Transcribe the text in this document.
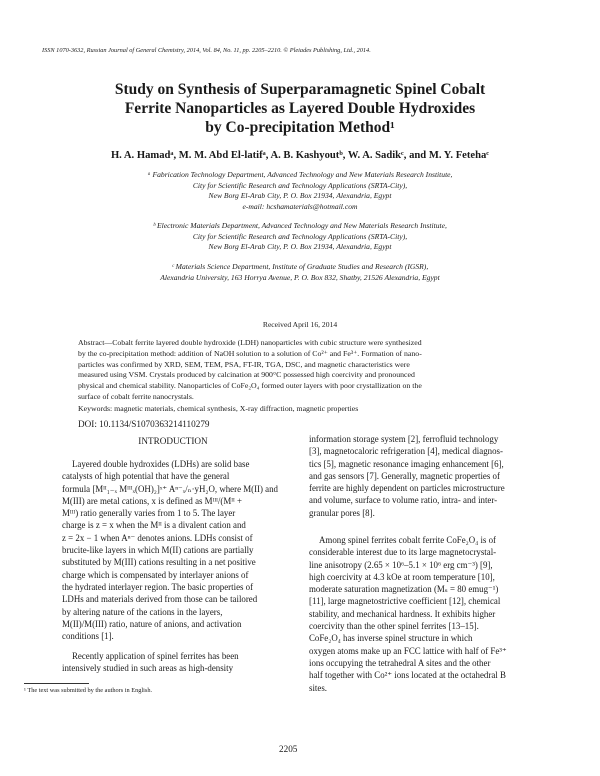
ISSN 1070-3632, Russian Journal of General Chemistry, 2014, Vol. 84, No. 11, pp. 2205–2210. © Pleiades Publishing, Ltd., 2014.
Study on Synthesis of Superparamagnetic Spinel Cobalt
Ferrite Nanoparticles as Layered Double Hydroxides
by Co-precipitation Method¹
H. A. Hamadᵃ, M. M. Abd El-latifᵃ, A. B. Kashyoutᵇ, W. A. Sadikᶜ, and M. Y. Fetehaᶜ
ᵃ Fabrication Technology Department, Advanced Technology and New Materials Research Institute,
City for Scientific Research and Technology Applications (SRTA-City),
New Borg El-Arab City, P. O. Box 21934, Alexandria, Egypt
e-mail: hcshamaterials@hotmail.com
ᵇ Electronic Materials Department, Advanced Technology and New Materials Research Institute,
City for Scientific Research and Technology Applications (SRTA-City),
New Borg El-Arab City, P. O. Box 21934, Alexandria, Egypt
ᶜ Materials Science Department, Institute of Graduate Studies and Research (IGSR),
Alexandria University, 163 Horrya Avenue, P. O. Box 832, Shatby, 21526 Alexandria, Egypt
Received April 16, 2014
Abstract—Cobalt ferrite layered double hydroxide (LDH) nanoparticles with cubic structure were synthesized
by the co-precipitation method: addition of NaOH solution to a solution of Co²⁺ and Fe³⁺. Formation of nano-
particles was confirmed by XRD, SEM, TEM, PSA, FT-IR, TGA, DSC, and magnetic characteristics were
measured using VSM. Crystals produced by calcination at 900°C possessed high coercivity and pronounced
physical and chemical stability. Nanoparticles of CoFe₂O₄ formed outer layers with poor crystallization on the
surface of cobalt ferrite nanocrystals.
Keywords: magnetic materials, chemical synthesis, X-ray diffraction, magnetic properties
DOI: 10.1134/S1070363214110279
INTRODUCTION
Layered double hydroxides (LDHs) are solid base
catalysts of high potential that have the general
formula [Mᴵᴵ₁₋ₓ Mᴵᴵᴵₓ(OH)₂]ˣ⁺ Aⁿ⁻ₓ/ₙ·yH₂O, where M(II) and
M(III) are metal cations, x is defined as Mᴵᴵᴵ/(Mᴵᴵ +
Mᴵᴵᴵ) ratio generally varies from 1 to 5. The layer
charge is z = x when the Mᴵᴵ is a divalent cation and
z = 2x − 1 when Aⁿ⁻ denotes anions. LDHs consist of
brucite-like layers in which M(II) cations are partially
substituted by M(III) cations resulting in a net positive
charge which is compensated by interlayer anions of
the hydrated interlayer region. The basic properties of
LDHs and materials derived from those can be tailored
by altering nature of the cations in the layers,
M(II)/M(III) ratio, nature of anions, and activation
conditions [1].
Recently application of spinel ferrites has been
intensively studied in such areas as high-density
information storage system [2], ferrofluid technology
[3], magnetocaloric refrigeration [4], medical diagnos-
tics [5], magnetic resonance imaging enhancement [6],
and gas sensors [7]. Generally, magnetic properties of
ferrite are highly dependent on particles microstructure
and volume, surface to volume ratio, intra- and inter-
granular pores [8].
Among spinel ferrites cobalt ferrite CoFe₂O₄ is of
considerable interest due to its large magnetocrystal-
line anisotropy (2.65 × 10⁶–5.1 × 10⁶ erg cm⁻³) [9],
high coercivity at 4.3 kOe at room temperature [10],
moderate saturation magnetization (Mₛ = 80 emug⁻¹)
[11], large magnetostrictive coefficient [12], chemical
stability, and mechanical hardness. It exhibits higher
coercivity than the other spinel ferrites [13–15].
CoFe₂O₄ has inverse spinel structure in which
oxygen atoms make up an FCC lattice with half of Fe³⁺
ions occupying the tetrahedral A sites and the other
half together with Co²⁺ ions located at the octahedral B
sites.
¹ The text was submitted by the authors in English.
2205
